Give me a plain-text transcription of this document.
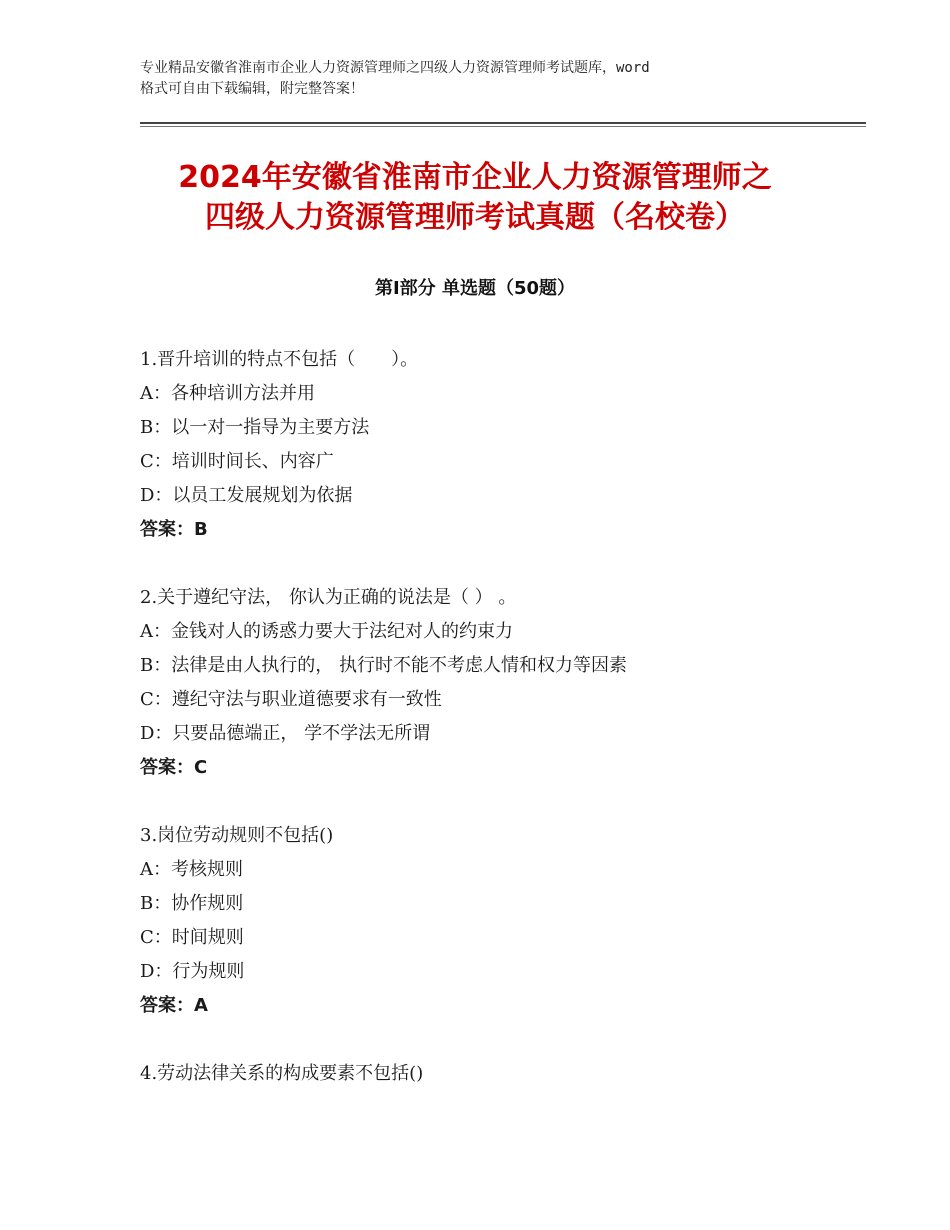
专业精品安徽省淮南市企业人力资源管理师之四级人力资源管理师考试题库，word
格式可自由下载编辑，附完整答案！
2024年安徽省淮南市企业人力资源管理师之
四级人力资源管理师考试真题（名校卷）
第Ⅰ部分 单选题（50题）
1.晋升培训的特点不包括（　　）。
A：各种培训方法并用
B：以一对一指导为主要方法
C：培训时间长、内容广
D：以员工发展规划为依据
答案：B
2.关于遵纪守法， 你认为正确的说法是（ ） 。
A：金钱对人的诱惑力要大于法纪对人的约束力
B：法律是由人执行的， 执行时不能不考虑人情和权力等因素
C：遵纪守法与职业道德要求有一致性
D：只要品德端正， 学不学法无所谓
答案：C
3.岗位劳动规则不包括()
A：考核规则
B：协作规则
C：时间规则
D：行为规则
答案：A
4.劳动法律关系的构成要素不包括()
